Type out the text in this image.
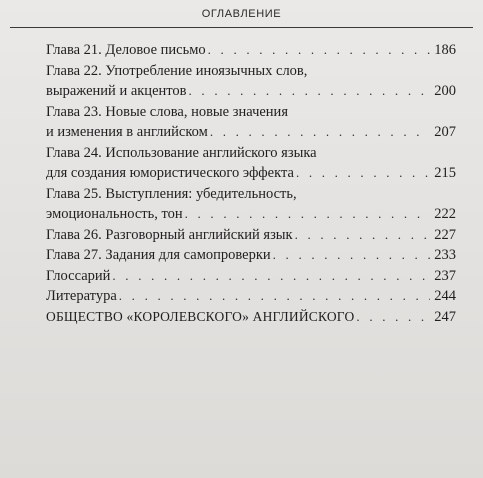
ОГЛАВЛЕНИЕ
Глава 21. Деловое письмо . . .	186
Глава 22. Употребление иноязычных слов,
выражений и акцентов . . .	200
Глава 23. Новые слова, новые значения
и изменения в английском . . .	207
Глава 24. Использование английского языка
для создания юмористического эффекта . . .	215
Глава 25. Выступления: убедительность,
эмоциональность, тон . . .	222
Глава 26. Разговорный английский язык . . .	227
Глава 27. Задания для самопроверки . . .	233
Глоссарий . . .	237
Литература . . .	244
ОБЩЕСТВО «КОРОЛЕВСКОГО» АНГЛИЙСКОГО . . .	247
